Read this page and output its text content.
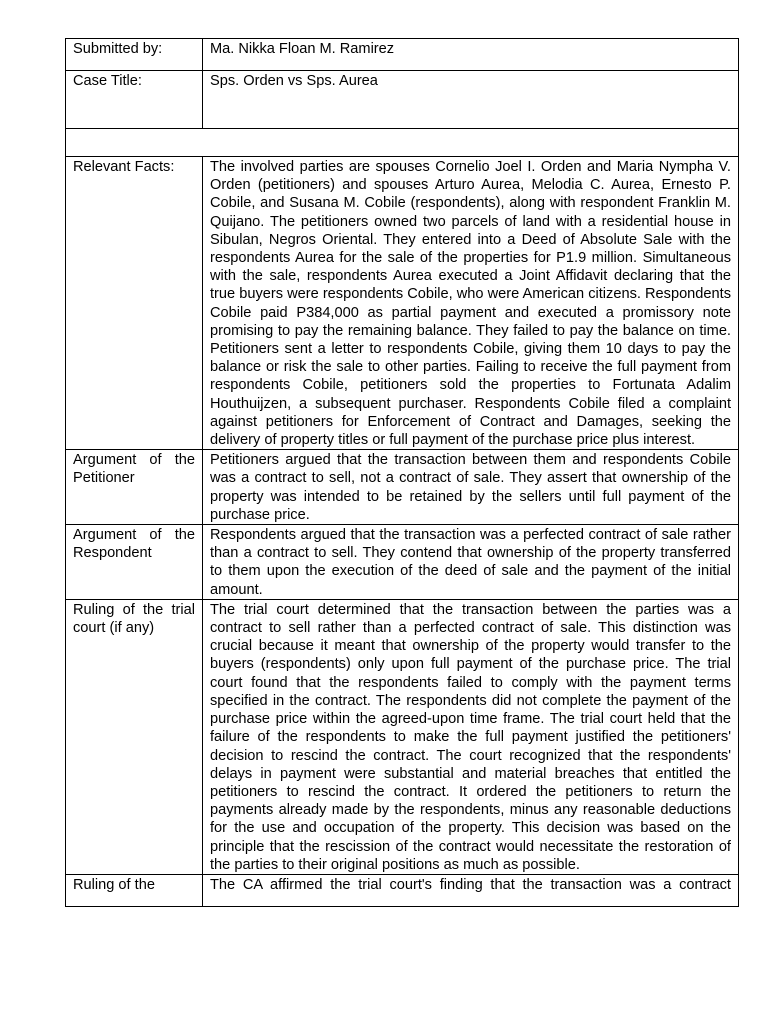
Submitted by:	Ma. Nikka Floan M. Ramirez
Case Title:	Sps. Orden vs Sps. Aurea

Relevant Facts:	The involved parties are spouses Cornelio Joel I. Orden and Maria Nympha V. Orden (petitioners) and spouses Arturo Aurea, Melodia C. Aurea, Ernesto P. Cobile, and Susana M. Cobile (respondents), along with respondent Franklin M. Quijano. The petitioners owned two parcels of land with a residential house in Sibulan, Negros Oriental. They entered into a Deed of Absolute Sale with the respondents Aurea for the sale of the properties for P1.9 million. Simultaneous with the sale, respondents Aurea executed a Joint Affidavit declaring that the true buyers were respondents Cobile, who were American citizens. Respondents Cobile paid P384,000 as partial payment and executed a promissory note promising to pay the remaining balance. They failed to pay the balance on time. Petitioners sent a letter to respondents Cobile, giving them 10 days to pay the balance or risk the sale to other parties. Failing to receive the full payment from respondents Cobile, petitioners sold the properties to Fortunata Adalim Houthuijzen, a subsequent purchaser. Respondents Cobile filed a complaint against petitioners for Enforcement of Contract and Damages, seeking the delivery of property titles or full payment of the purchase price plus interest.
Argument of the Petitioner	Petitioners argued that the transaction between them and respondents Cobile was a contract to sell, not a contract of sale. They assert that ownership of the property was intended to be retained by the sellers until full payment of the purchase price.
Argument of the Respondent	Respondents argued that the transaction was a perfected contract of sale rather than a contract to sell. They contend that ownership of the property transferred to them upon the execution of the deed of sale and the payment of the initial amount.
Ruling of the trial court (if any)	The trial court determined that the transaction between the parties was a contract to sell rather than a perfected contract of sale. This distinction was crucial because it meant that ownership of the property would transfer to the buyers (respondents) only upon full payment of the purchase price. The trial court found that the respondents failed to comply with the payment terms specified in the contract. The respondents did not complete the payment of the purchase price within the agreed-upon time frame. The trial court held that the failure of the respondents to make the full payment justified the petitioners' decision to rescind the contract. The court recognized that the respondents' delays in payment were substantial and material breaches that entitled the petitioners to rescind the contract. It ordered the petitioners to return the payments already made by the respondents, minus any reasonable deductions for the use and occupation of the property. This decision was based on the principle that the rescission of the contract would necessitate the restoration of the parties to their original positions as much as possible.
Ruling of the	The CA affirmed the trial court's finding that the transaction was a contract
